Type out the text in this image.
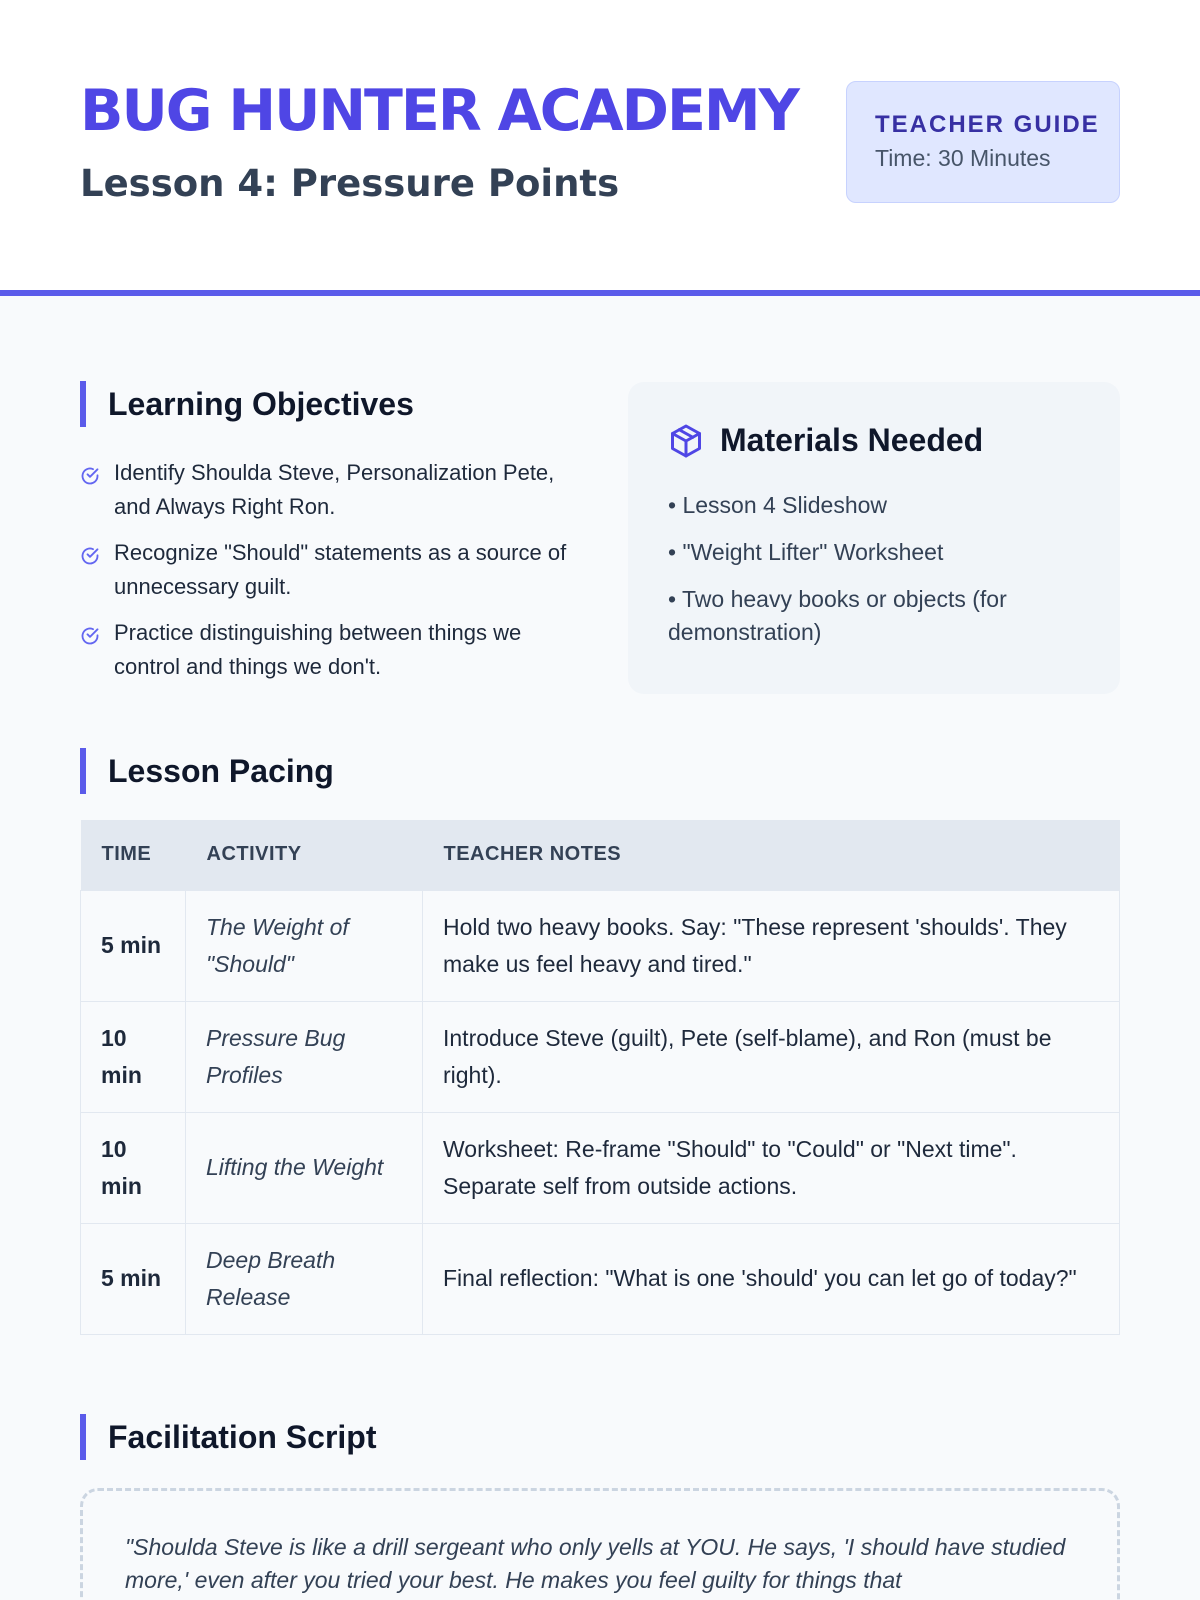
BUG HUNTER ACADEMY
Lesson 4: Pressure Points
TEACHER GUIDE
Time: 30 Minutes
Learning Objectives
Identify Shoulda Steve, Personalization Pete, and Always Right Ron.
Recognize "Should" statements as a source of unnecessary guilt.
Practice distinguishing between things we control and things we don't.
Materials Needed
• Lesson 4 Slideshow
• "Weight Lifter" Worksheet
• Two heavy books or objects (for demonstration)
Lesson Pacing
TIME	ACTIVITY	TEACHER NOTES
5 min	The Weight of "Should"	Hold two heavy books. Say: "These represent 'shoulds'. They make us feel heavy and tired."
10 min	Pressure Bug Profiles	Introduce Steve (guilt), Pete (self-blame), and Ron (must be right).
10 min	Lifting the Weight	Worksheet: Re-frame "Should" to "Could" or "Next time". Separate self from outside actions.
5 min	Deep Breath Release	Final reflection: "What is one 'should' you can let go of today?"
Facilitation Script

"Shoulda Steve is like a drill sergeant who only yells at YOU. He says, 'I should have studied more,' even after you tried your best. He makes you feel guilty for things that
